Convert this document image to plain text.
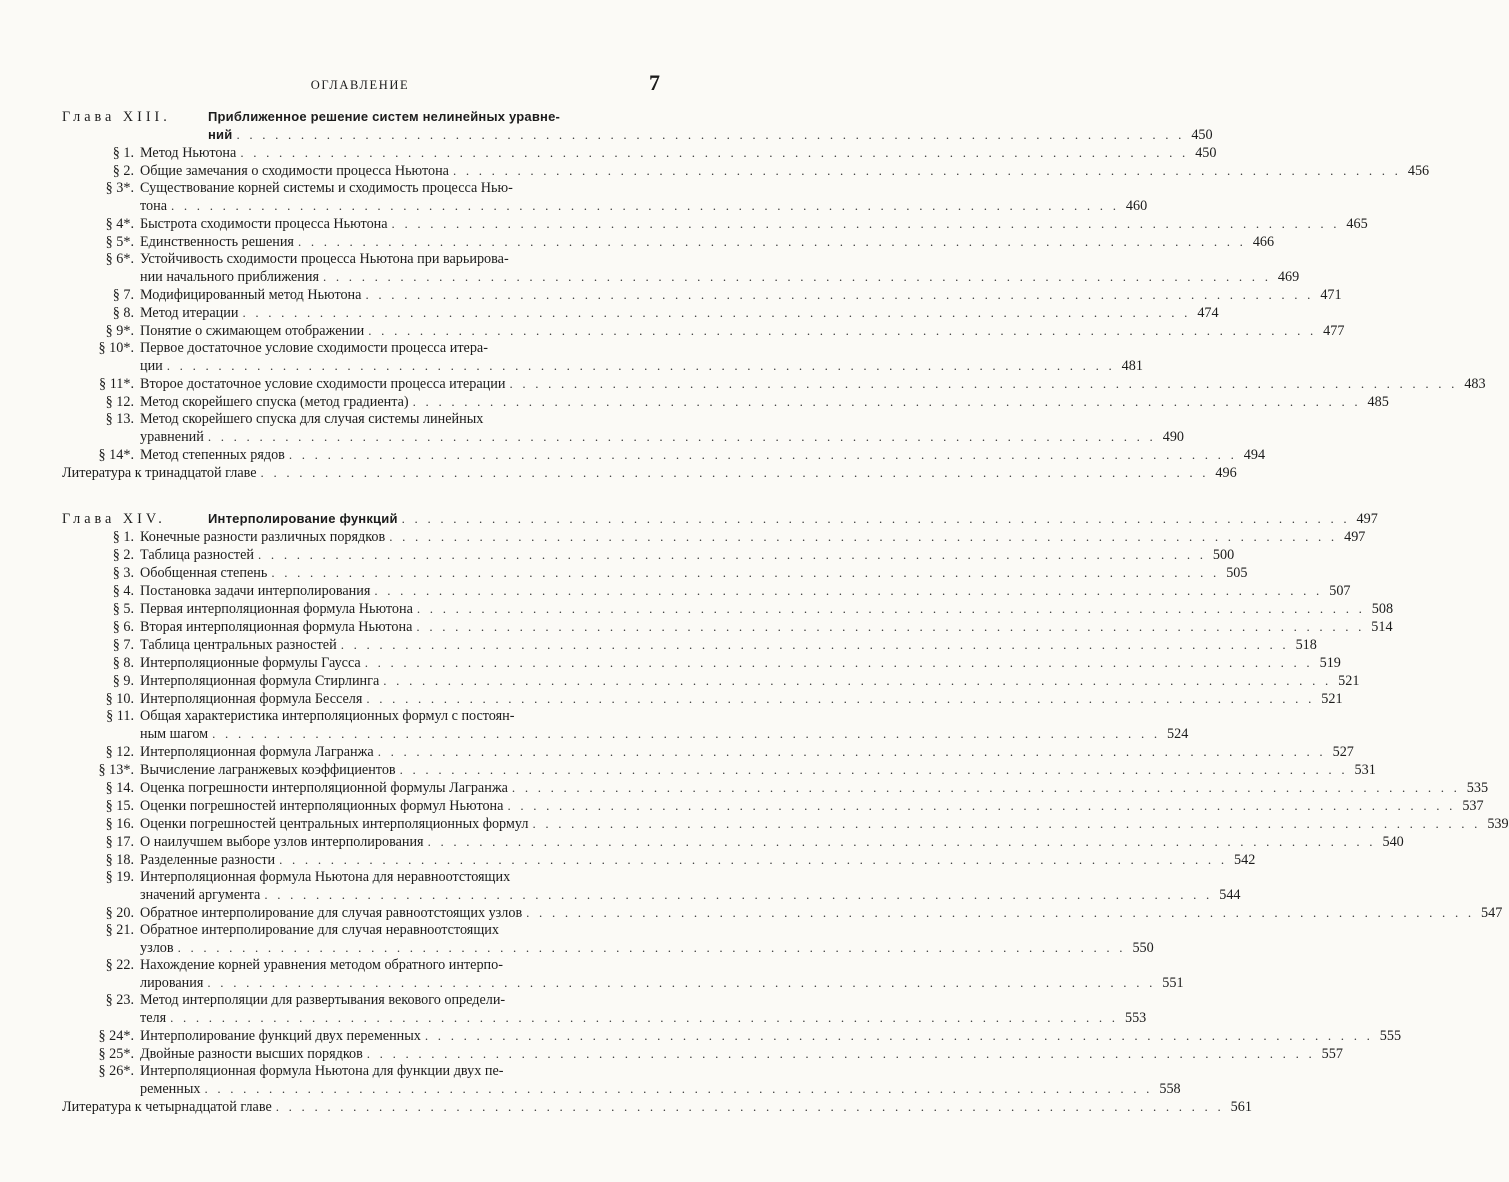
ОГЛАВЛЕНИЕ	7
Глава XIII.	Приближенное решение систем нелинейных уравне-
ний . . .	450
§ 1. Метод Ньютона . . .	450
§ 2. Общие замечания о сходимости процесса Ньютона . . .	456
§ 3*. Существование корней системы и сходимость процесса Нью-
тона . . .	460
§ 4*. Быстрота сходимости процесса Ньютона . . .	465
§ 5*. Единственность решения . . .	466
§ 6*. Устойчивость сходимости процесса Ньютона при варьирова-
нии начального приближения . . .	469
§ 7. Модифицированный метод Ньютона . . .	471
§ 8. Метод итерации . . .	474
§ 9*. Понятие о сжимающем отображении . . .	477
§ 10*. Первое достаточное условие сходимости процесса итера-
ции . . .	481
§ 11*. Второе достаточное условие сходимости процесса итерации . . .	483
§ 12. Метод скорейшего спуска (метод градиента) . . .	485
§ 13. Метод скорейшего спуска для случая системы линейных
уравнений . . .	490
§ 14*. Метод степенных рядов . . .	494
Литература к тринадцатой главе . . .	496
Глава XIV.	Интерполирование функций . . .	497
§ 1. Конечные разности различных порядков . . .	497
§ 2. Таблица разностей . . .	500
§ 3. Обобщенная степень . . .	505
§ 4. Постановка задачи интерполирования . . .	507
§ 5. Первая интерполяционная формула Ньютона . . .	508
§ 6. Вторая интерполяционная формула Ньютона . . .	514
§ 7. Таблица центральных разностей . . .	518
§ 8. Интерполяционные формулы Гаусса . . .	519
§ 9. Интерполяционная формула Стирлинга . . .	521
§ 10. Интерполяционная формула Бесселя . . .	521
§ 11. Общая характеристика интерполяционных формул с постоян-
ным шагом . . .	524
§ 12. Интерполяционная формула Лагранжа . . .	527
§ 13*. Вычисление лагранжевых коэффициентов . . .	531
§ 14. Оценка погрешности интерполяционной формулы Лагранжа . . .	535
§ 15. Оценки погрешностей интерполяционных формул Ньютона . . .	537
§ 16. Оценки погрешностей центральных интерполяционных формул . . .	539
§ 17. О наилучшем выборе узлов интерполирования . . .	540
§ 18. Разделенные разности . . .	542
§ 19. Интерполяционная формула Ньютона для неравноотстоящих
значений аргумента . . .	544
§ 20. Обратное интерполирование для случая равноотстоящих узлов . . .	547
§ 21. Обратное интерполирование для случая неравноотстоящих
узлов . . .	550
§ 22. Нахождение корней уравнения методом обратного интерпо-
лирования . . .	551
§ 23. Метод интерполяции для развертывания векового определи-
теля . . .	553
§ 24*. Интерполирование функций двух переменных . . .	555
§ 25*. Двойные разности высших порядков . . .	557
§ 26*. Интерполяционная формула Ньютона для функции двух пе-
ременных . . .	558
Литература к четырнадцатой главе . . .	561
